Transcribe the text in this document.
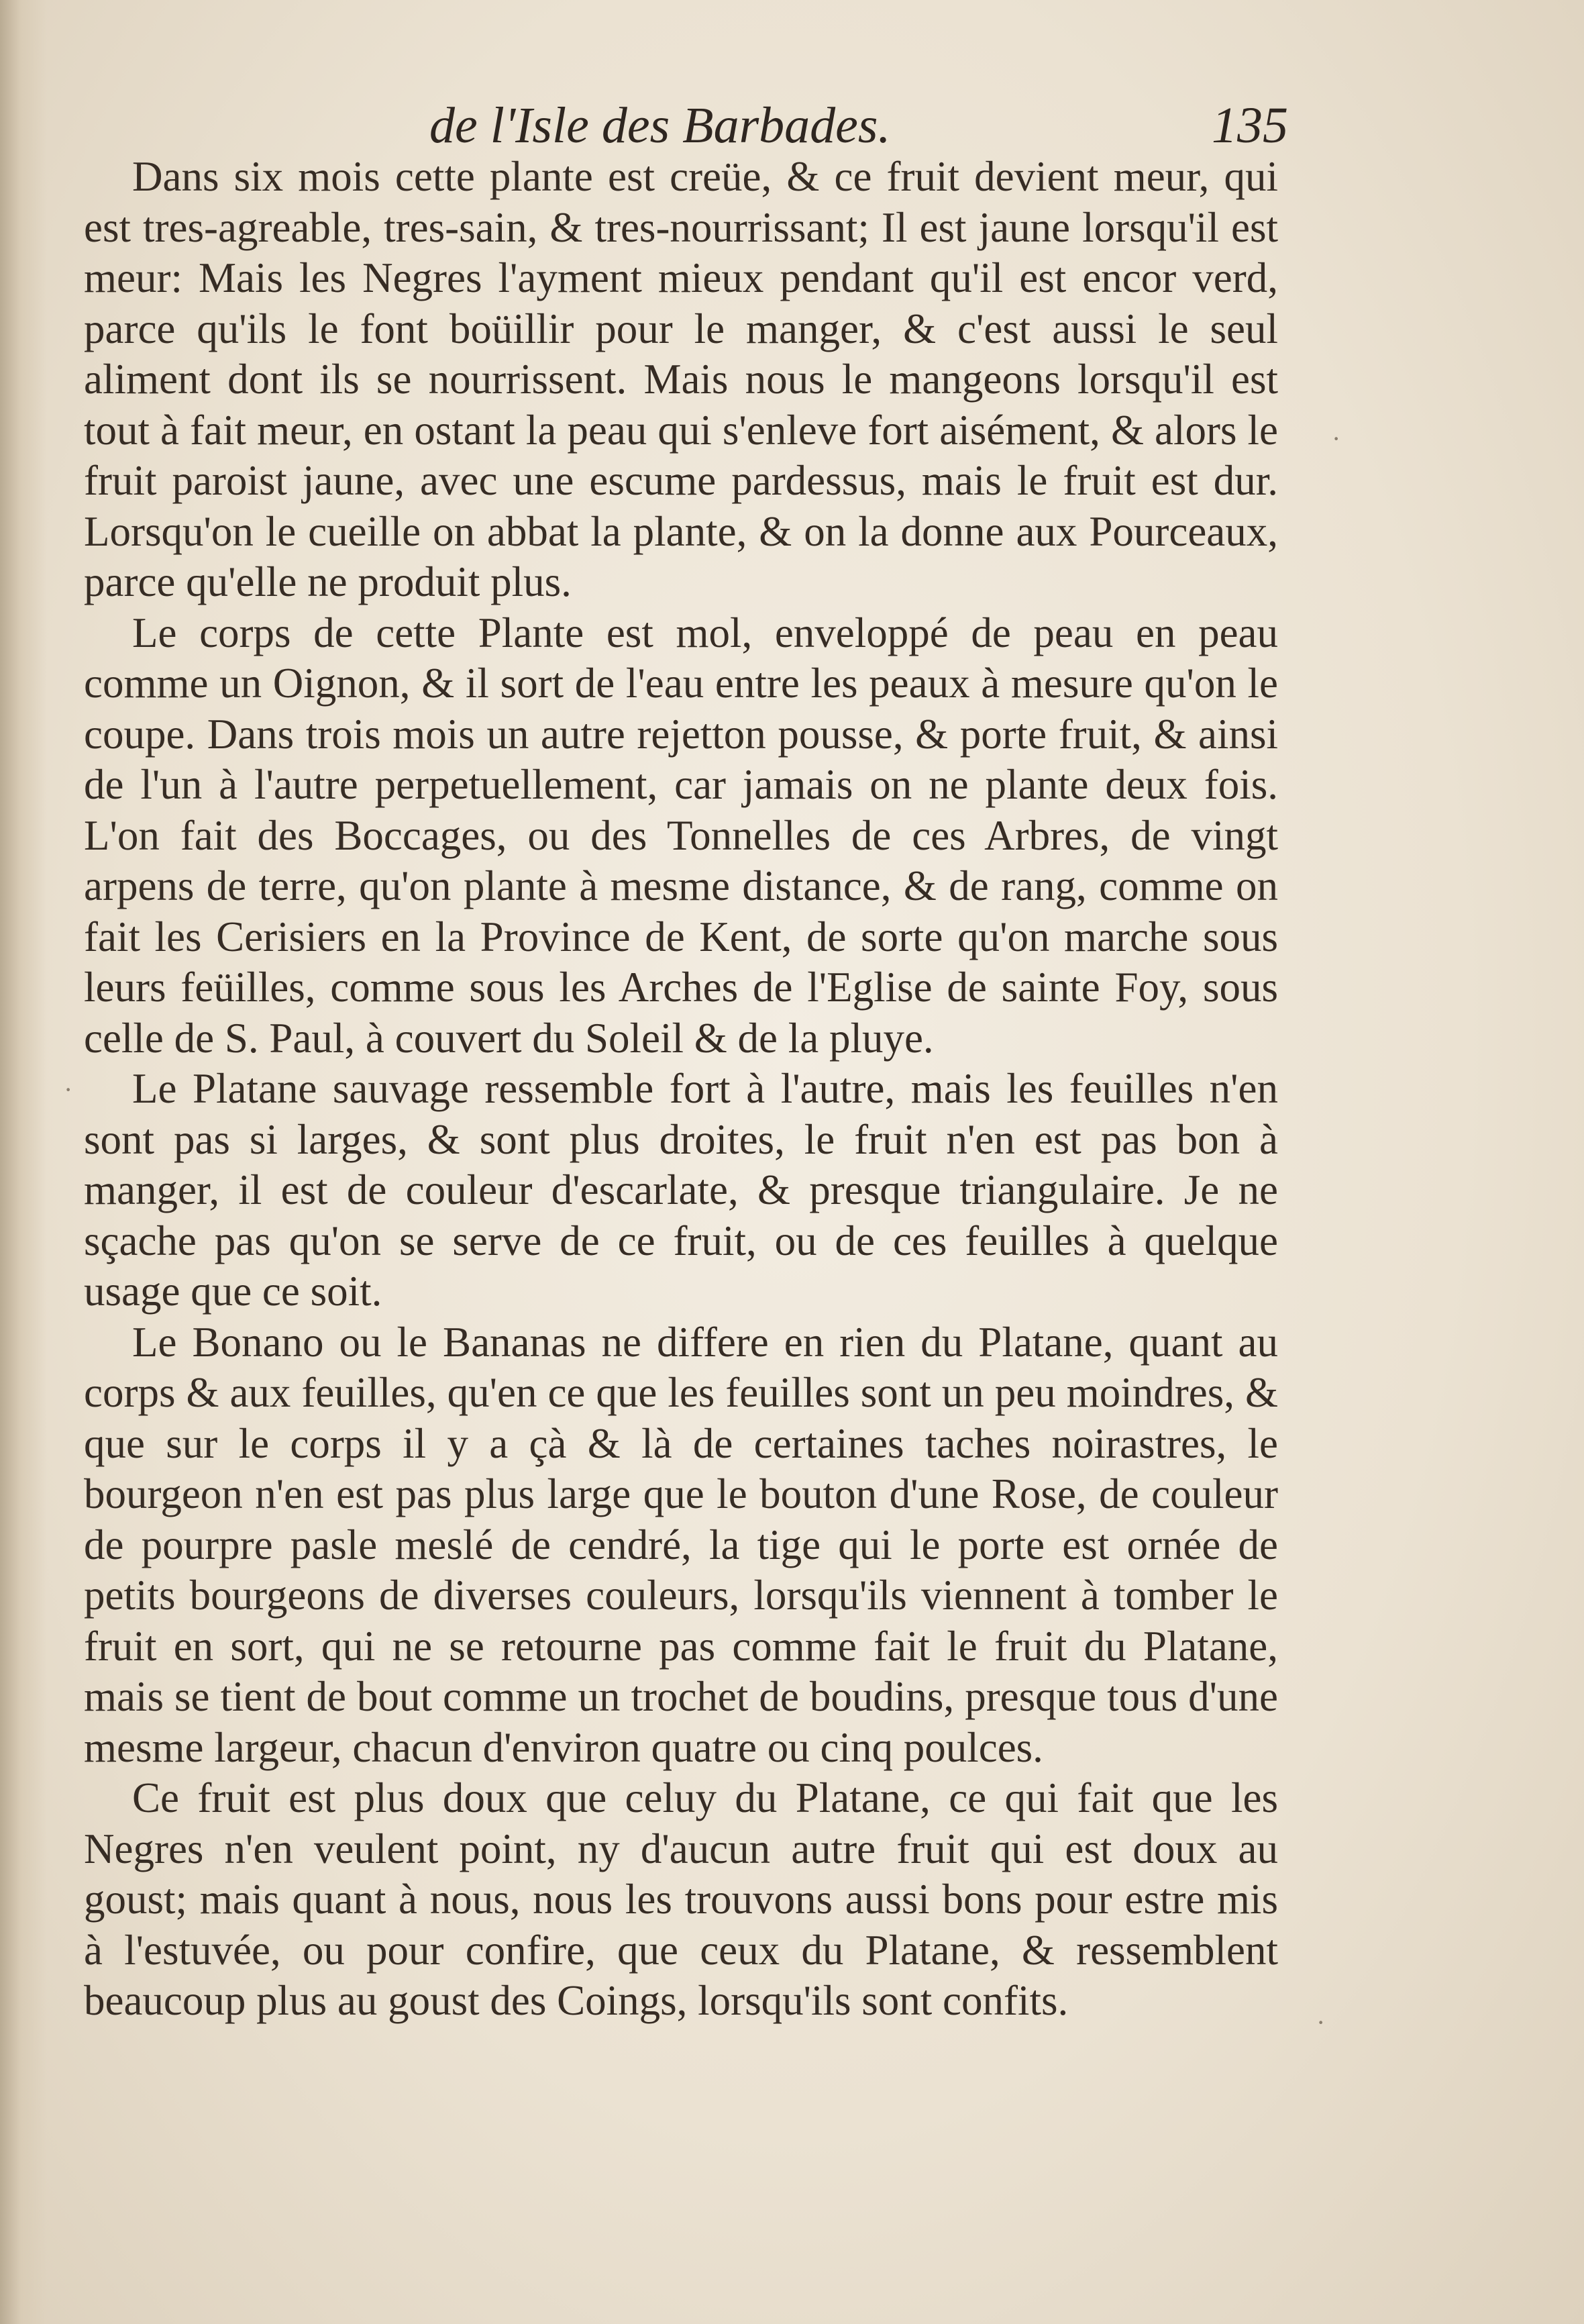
de l'Isle des Barbades.	135

Dans six mois cette plante est creüe, & ce fruit devient meur, qui est tres-agreable, tres-sain, & tres-nourrissant; Il est jaune lorsqu'il est meur: Mais les Negres l'ayment mieux pendant qu'il est encor verd, parce qu'ils le font boüillir pour le manger, & c'est aussi le seul aliment dont ils se nourrissent. Mais nous le mangeons lorsqu'il est tout à fait meur, en ostant la peau qui s'enleve fort aisément, & alors le fruit paroist jaune, avec une escume pardessus, mais le fruit est dur. Lorsqu'on le cueille on abbat la plante, & on la donne aux Pourceaux, parce qu'elle ne produit plus.

Le corps de cette Plante est mol, enveloppé de peau en peau comme un Oignon, & il sort de l'eau entre les peaux à mesure qu'on le coupe. Dans trois mois un autre rejetton pousse, & porte fruit, & ainsi de l'un à l'autre perpetuellement, car jamais on ne plante deux fois. L'on fait des Boccages, ou des Tonnelles de ces Arbres, de vingt arpens de terre, qu'on plante à mesme distance, & de rang, comme on fait les Cerisiers en la Province de Kent, de sorte qu'on marche sous leurs feüilles, comme sous les Arches de l'Eglise de sainte Foy, sous celle de S. Paul, à couvert du Soleil & de la pluye.

Le Platane sauvage ressemble fort à l'autre, mais les feuilles n'en sont pas si larges, & sont plus droites, le fruit n'en est pas bon à manger, il est de couleur d'escarlate, & presque triangulaire. Je ne sçache pas qu'on se serve de ce fruit, ou de ces feuilles à quelque usage que ce soit.

Le Bonano ou le Bananas ne differe en rien du Platane, quant au corps & aux feuilles, qu'en ce que les feuilles sont un peu moindres, & que sur le corps il y a çà & là de certaines taches noirastres, le bourgeon n'en est pas plus large que le bouton d'une Rose, de couleur de pourpre pasle meslé de cendré, la tige qui le porte est ornée de petits bourgeons de diverses couleurs, lorsqu'ils viennent à tomber le fruit en sort, qui ne se retourne pas comme fait le fruit du Platane, mais se tient de bout comme un trochet de boudins, presque tous d'une mesme largeur, chacun d'environ quatre ou cinq poulces.

Ce fruit est plus doux que celuy du Platane, ce qui fait que les Negres n'en veulent point, ny d'aucun autre fruit qui est doux au goust; mais quant à nous, nous les trouvons aussi bons pour estre mis à l'estuvée, ou pour confire, que ceux du Platane, & ressemblent beaucoup plus au goust des Coings, lorsqu'ils sont confits.

·
·
·
